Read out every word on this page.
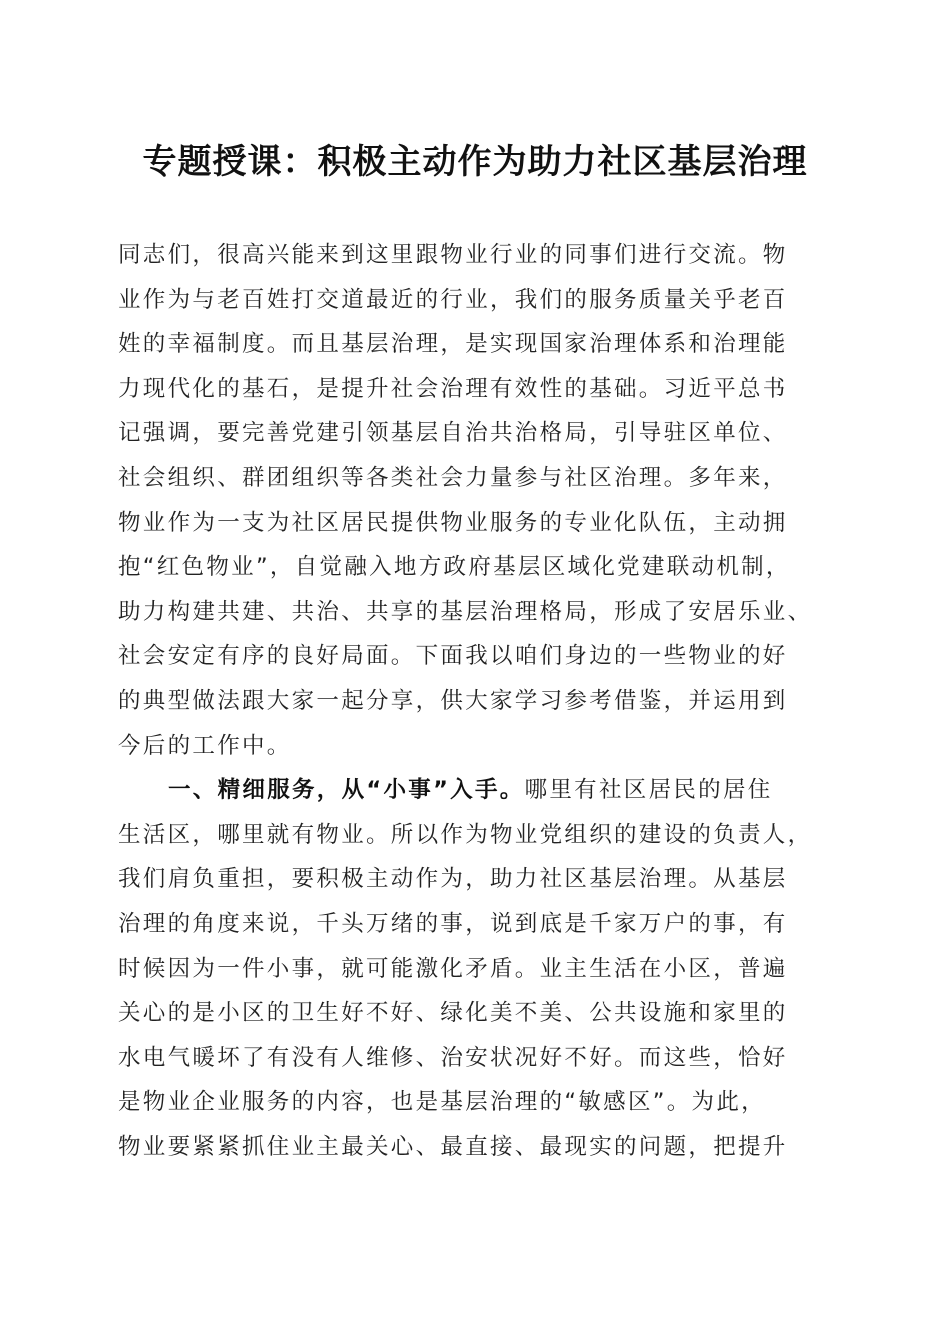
专题授课：积极主动作为助力社区基层治理
同志们，很高兴能来到这里跟物业行业的同事们进行交流。物
业作为与老百姓打交道最近的行业，我们的服务质量关乎老百
姓的幸福制度。而且基层治理，是实现国家治理体系和治理能
力现代化的基石，是提升社会治理有效性的基础。习近平总书
记强调，要完善党建引领基层自治共治格局，引导驻区单位、
社会组织、群团组织等各类社会力量参与社区治理。多年来，
物业作为一支为社区居民提供物业服务的专业化队伍，主动拥
抱“红色物业”，自觉融入地方政府基层区域化党建联动机制，
助力构建共建、共治、共享的基层治理格局，形成了安居乐业、
社会安定有序的良好局面。下面我以咱们身边的一些物业的好
的典型做法跟大家一起分享，供大家学习参考借鉴，并运用到
今后的工作中。
一、精细服务，从“小事”入手。哪里有社区居民的居住
生活区，哪里就有物业。所以作为物业党组织的建设的负责人，
我们肩负重担，要积极主动作为，助力社区基层治理。从基层
治理的角度来说，千头万绪的事，说到底是千家万户的事，有
时候因为一件小事，就可能激化矛盾。业主生活在小区，普遍
关心的是小区的卫生好不好、绿化美不美、公共设施和家里的
水电气暖坏了有没有人维修、治安状况好不好。而这些，恰好
是物业企业服务的内容，也是基层治理的“敏感区”。为此，
物业要紧紧抓住业主最关心、最直接、最现实的问题，把提升
